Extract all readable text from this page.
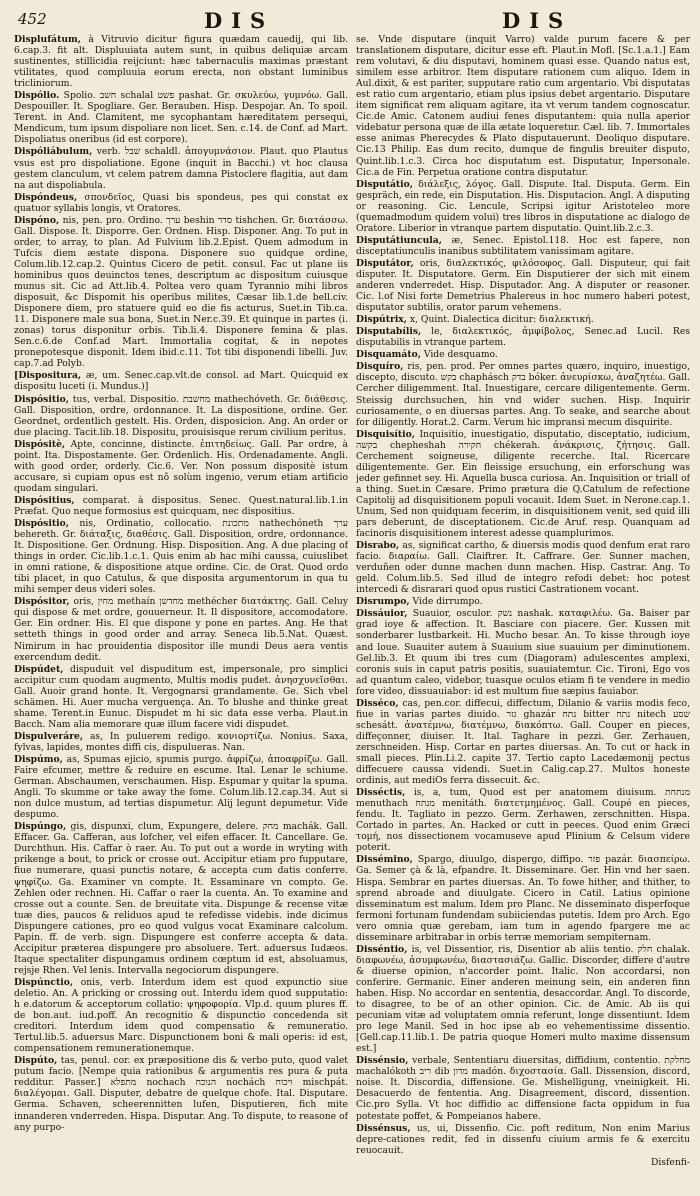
452	DIS	DIS

Displufátum, à Vitruvio dicitur figura quædam cauedij, qui lib. 6.cap.3. fit alt. Displuuiata autem sunt, in quibus deliquiæ arcam sustinentes, stillicidia reijciunt: hæc tabernaculis maximas præstant vtilitates, quod compluuia eorum erecta, non obstant luminibus tricliniorum.

Dispólio. Spolio. חשב schalal פשט pashat. Gr. σκυλεύω, γυμνόω. Gall. Despouiller. It. Spogliare. Ger. Berauben. Hisp. Despojar. An. To spoil. Terent. in And. Clamitent, me sycophantam hæreditatem persequi, Mendicum, tum ipsum dispoliare non licet. Sen. c.14. de Conf. ad Mart. Dispoliatus oneribus (id est corpore).

Dispóliábulum, verb. שבל schaldl. ἀπογυμνάσιον. Plaut. quo Plautus vsus est pro dispoliatione. Egone (inquit in Bacchi.) vt hoc clausa gestem clanculum, vt celem patrem damna Pistoclere flagitia, aut dam na aut dispoliabula.

Dispóndeus, σπονδεῖος, Quasi bis spondeus, pes qui constat ex quatuor syllabis longis, vt Oratores.

Dispóno, nis, pen. pro. Ordino. ערך beshin סדר tishchen. Gr. διατάσσω. Gall. Dispose. It. Disporre. Ger. Ordnen. Hisp. Disponer. Ang. To put in order, to array, to plan. Ad Fulvium lib.2.Epist. Quem admodum in Tufcis diem æstate dispona. Disponere suo quidque ordine, Colum.lib.12.cap.2. Quintus Cicero de petit. consul. Fac ut plane iis hominibus quos deuinctos tenes, descriptum ac dispositum cuiusque munus sit. Cic ad Att.lib.4. Poltea vero quam Tyrannio mihi libros disposuit, &c Dispomit his operibus milites, Cæsar lib.1.de bell.civ. Disponere diem, pro statuere quid eo die fis acturus, Suet.in Tib.ca. 11. Disponere male sua bona, Suet.in Ner.c.39. Et quinque in partes (i. zonas) torus disponitur orbis. Tib.li.4. Disponere femina & plas. Sen.c.6.de Conf.ad Mart. Immortalia cogitat, & in nepotes pronepotesque disponit. Idem ibid.c.11. Tot tibi disponendi libelli. Juv. cap.7.ad Polyb.

[Dispositura, æ, um. Senec.cap.vlt.de consol. ad Mart. Quicquid ex dispositu luceti (i. Mundus.)]

Dispósitio, tus, verbal. Dispositio. מחשבת mathechóveth. Gr. διάθεσις. Gall. Disposition, ordre, ordonnance. It. La dispositione, ordine. Ger. Geordnet, ordentlich gestelt. His. Orden, disposicion. Ang. An order or due placing. Tacit.lib.18. Dispositu, prouisisque rerum civilium peritus.

Dispósitè, Apte, concinne, distincte. ἐπιτηδείως. Gall. Par ordre, à point. Ita. Dispostamente. Ger. Ordenlich. His. Ordenadamente. Angli. with good order, orderly. Cic.6. Ver. Non possum dispositè istum accusare, si cupiam opus est nõ solùm ingenio, verum etiam artificio quodam singulari.

Dispósitius, comparat. à dispositus. Senec. Quest.natural.lib.1.in Præfat. Quo neque formosius est quicquam, nec dispositius.

Dispósitio, nis, Ordinatio, collocatio. מתכונת nathechóneth ערך behereth. Gr. διάταξις, διαθέσις. Gall. Disposition, ordre, ordonnance. It. Dispositione. Ger. Ordnung. Hisp. Disposition. Ang. A due placing of things in order. Cic.lib.1.c.1. Quis enim ab hac mihi caussa, cuiuslibet in omni ratione, & dispositione atque ordine. Cic. de Orat. Quod ordo tibi placet, in quo Catulus, & que disposita argumentorum in qua tu mihi semper deus videri soles.

Dispósitor, oris, מחין methaín מחדשן methécher διατάκτης. Gall. Celuy qui dispose & met ordre, gouuerneur. It. Il dispositore, accomodatore. Ger. Ein ordner. His. El que dispone y pone en partes. Ang. He that setteth things in good order and array. Seneca lib.5.Nat. Quæst. Nimirum in hac prouidentia dispositor ille mundi Deus aera ventis exercendum dedit.

Dispúdet, dispuduit vel dispuditum est, impersonale, pro simplici accipitur cum quodam augmento, Multis modis pudet. ἀνησχυνεῖσθαι. Gall. Auoir grand honte. It. Vergognarsi grandamente. Ge. Sich vbel schämen. Hi. Auer mucha verguença. An. To blushe and thinke great shame. Terent.in Eunuc. Dispudet m hi sic data esse verba. Plaut.in Bacch. Nam alia memorare quæ illum facere vidi dispudet.

Dispulveráre, as, In puluerem redigo. κονιορτίζω. Nonius. Saxa, fylvas, lapides, montes diffi cis, dispulueras. Nan.

Dispúmo, as, Spumas ejicio, spumis purgo. ἀφρίζω, ἀποαφρίζω. Gall. Faire efcumer, mettre & reduire en escume. Ital. Lenar le schiume. German. Abschaumen, verschaumen. Hisp. Espumar y quitar la spuma. Angli. To skumme or take away the fome. Colum.lib.12.cap.34. Aut si non dulce mustum, ad tertias dispumetur. Alij legunt depumetur. Vide despumo.

Dispúngo, gis, dispunxi, clum, Expungere, delere. מחק machák. Gall. Effacer. Ga. Cafferan, aus lofcher, vel eifen effacer. It. Cancellare. Ge. Durchthun. His. Caffar ò raer. Au. To put out a worde in wryting with prikenge a bout, to prick or crosse out. Accipitur etiam pro fupputare, fiue numerare, quasi punctis notare, & accepta cum datis conferre. ψηφίζω. Ga. Examiner vn compte. It. Essaminare vn compto. Ge. Zehlen oder rechnen. Hi. Caffar o raer la cuenta. An. To examine and crosse out a counte. Sen. de breuitate vita. Dispunge & recense vitæ tuæ dies, paucos & reliduos apud te refedisse videbis. inde dicimus Dispungere cationes, pro eo quod vulgus vocat Examinare calcolum. Papin. ff. de verb. sign. Dispungere est conferre accepta & data. Accipitur præterea dispungere pro absoluere. Tert. aduersus Iudæos. Itaque spectaliter dispungamus ordinem cœptum id est, absoluamus, rejsje Rhen. Vel lenis. Intervalla negociorum dispungere.

Dispúnctio, onis, verb. Interdum idem est quod expunctio siue deletio. An. A pricking or crossing out. Interdu idem quod supputatio: h e.datorum & acceptorum collatio: ψηφοφορία. Vlp.d. quum plures ff. de bon.aut. iud.poff. An recognitio & dispunctio concedenda sit creditori. Interdum idem quod compensatio & remuneratio. Tertul.lib.5. aduersus Marc. Dispunctionem boni & mali operis: id est, compensationem remunerationemque.

Dispúto, tas, penul. cor. ex præpositione dis & verbo puto, quod valet putum facio. [Nempe quia rationibus & argumentis res pura & puta redditur. Passer.] מתפלא nochach הנוכח nochách ויכוח mischpát. διαλέγομαι. Gall. Disputer, debatre de quelque chofe. Ital. Disputare. Germa. Schaven, scheerennitten lufen, Disputieren, fich mite innanderen vnderreden. Hispa. Disputar. Ang. To dispute, to reasone of any purpo-

se. Vnde disputare (inquit Varro) valde purum facere & per translationem disputare, dicitur esse eft. Plaut.in Mofl. [Sc.1.a.1.] Eam rem volutavi, & diu disputavi, hominem quasi esse. Quando natus est, similem esse arbitror. Item disputare rationem cum aliquo. Idem in Aul.dixit, & est pariter, supputare ratio cum argentario. Vbi disputatas est ratio cum argentario, etiam plus ipsius debet argentario. Disputare item significat rem aliquam agitare, ita vt verum tandem cognoscatur. Cic.de Amic. Catonem audiui fenes disputantem: quia nulla aperior videbatur persona quæ de illa ætate loqueretur. Cæl. lib. 7. Immortales esse animas Pherecydes & Plato disputauerunt. Deoliquo disputare. Cic.13 Philip. Eas dum recito, dumque de fingulis breuiter disputo, Quint.lib.1.c.3. Circa hoc disputatum est. Disputatur, Inpersonale. Cic.a de Fin. Perpetua oratione contra disputatur.

Disputátio, διάλεξις, λόγος. Gall. Dispute. Ital. Disputa. Germ. Ein gespräch, ein rede, ein Disputation. His. Disputacion. Angl. A disputing or reasoning. Cic. Lencule, Scripsi igitur Aristoteleo more (quemadmodum quidem volui) tres libros in disputatione ac dialogo de Oratore. Liberior in vtranque partem disputatio. Quint.lib.2.c.3.

Disputátiuncula, æ, Senec. Epistol.118. Hoc est fapere, non disceptatiunculis inanibus subtilitatem vanissimam agitare.

Disputátor, oris, διαλεκτικός, φιλόσοφος. Gall. Disputeur, qui fait disputer. It. Disputatore. Germ. Ein Disputierer der sich mit einem anderen vnderredet. Hisp. Disputador. Ang. A disputer or reasoner. Cic. l.of Nisi forte Demetrius Phalereus in hoc numero haberi potest, disputator subtilis, orator parum vehemens.

Dispútrix, x, Quint. Dialectica dicitur: διαλεκτική.

Disputabílis, le, διαλεκτικός, ἀμφίβολος, Senec.ad Lucil. Res disputabilis in vtranque partem.

Disquamáto, Vide desquamo.

Disquíro, ris, pen. prod. Per omnes partes quæro, inquiro, inuestigo, discepto, discuto. בקש chaphásch בדק bóker. ἀνευρίσκω, ἀναζητέω. Gall. Cercher diligemment. Ital. Inuestigare, cercare diligentemente. Germ. Steissig durchsuchen, hin vnd wider suchen. Hisp. Inquirir curiosamente, o en diuersas partes. Ang. To seake, and searche about for diligently. Horat.2. Carm. Verum hic impransi mecum disquirite.

Disquisítio, Inquisitio, inuestigatio, disputatio, disceptatio, iudicium, בקשה chepheshah חקירה chékerah. ἀνάκρισις, ζήτησις. Gall. Cerchement soigneuse, diligente recerche. Ital. Ricercare diligentemente. Ger. Ein fleissige ersuchung, ein erforschung was jeder gefinnet sey. Hi. Aquella busca curiosa. An. Inquisition or triall of a thing. Suet.in Cæsare. Primo prætura die Q.Catulum de refectione Capitolij ad disquisitionem populi vocauit. Idem Suet. in Nerone.cap.1. Unum, Sed non quidquam fecerim, in disquisitionem venit, sed quid illi pars deberunt, de disceptationem. Cic.de Aruf. resp. Quanquam ad facinoris disquisitionem interest adesse quamplurimos.

Disrabo, as, significat cartho, & diuersis modis quod denfum erat raro facio. διαραίω. Gall. Claiftrer. It. Caffrare. Ger. Sunner machen, verduñen oder dunne machen dunn machen. Hisp. Castrar. Ang. To geld. Colum.lib.5. Sed illud de integro refodi debet: hoc potest intercedi & disrarari quod opus rustici Castrationem vocant.

Disrumpo, Vide dirrumpo.

Dissáuior, Suauior, osculor. נשק nashak. καταφιλέω. Ga. Baiser par grad ioye & affection. It. Basciare con piacere. Ger. Kussen mit sonderbarer lustbarkeit. Hi. Mucho besar. An. To kisse through ioye and loue. Suauiter autem à Suauium siue suauium per diminutionem. Gel.lib.3. Et quum ibi tres cum (Diagoram) adulescentes amplexi, coronis suis in caput patris positis, suauiatemtur. Cic. Tironi, Ego vos ad quantum caleo, videbor, tuasque oculos etiam fi te vendere in medio fore video, dissuauiabor: id est multum fiue sæpius fauiabor.

Disséco, cas, pen.cor. diffecui, diffectum, Dilanio & variis modis feco, fiue in varias partes diuido. גזר ghazár נתח bitter נתח nitech שסע schesátt. ἀνατέμνω, διατέμνω, διακόπτω. Gall. Couper en pieces, diffeçonner, diuiser. It. Ital. Taghare in pezzi. Ger. Zerhauen, zerschneiden. Hisp. Cortar en partes diuersas. An. To cut or hack in small pieces. Plin.Li.2. capite 37. Tertio capto Lacedæmonij pectus diffecuere caussa videndi. Suet.in Calig.cap.27. Multos honeste ordinis, aut mediOs ferra dissecuit. &c.

Disséctis, is, a, tum, Quod est per anatomem diuisum. מנתחת menuthach מנתח menitáth. διατετμημένος. Gall. Coupé en pieces, fendu. It. Tagliato in pezzo. Germ. Zerhawen, zerschnitten. Hispa. Cortado in partes. An. Hacked or cutt in peeces. Quod enim Græci τομή, nos dissectionem vocamuseve apud Plinium & Celsum videre poterit.

Dissémino, Spargo, diuulgo, dispergo, diffipo. פזר pazár. διασπείρω. Ga. Semer çà & là, efpandre. It. Disseminare. Ger. Hin vnd her saen. Hispa. Sembrar en partes diuersas. An. To fowe hither, and thither, to sprend abroade and diuulgate. Cicero in Catil. Latius opinione disseminatum est malum. Idem pro Planc. Ne disseminato disperfoque fermoni fortunam fundendam subiiciendas putetis. Idem pro Arch. Ego vero omnia quæ gerebam, iam tum in agendo fpargere me ac disseminare arbitrabar in orbis terræ memoriam sempiternam.

Disséntio, is, vel Dissentior, ris, Disentior ab aliis tentio. חלק chalak. διαφωνέω, ἀσυμφωνέω, διαστασιάζω. Gallic. Discorder, differe d'autre & diuerse opinion, n'accorder point. Italic. Non accordarsi, non conferire. Germanic. Einer anderen meinung sein, ein anderen finn haben. Hisp. No accordar en sententia, desaccordar. Angl. To discorde, to disagree, to be of an other opinion. Cic. de Amic. Ab iis qui pecuniam vitæ ad voluptatem omnia referunt, longe dissentiunt. Idem pro lege Manil. Sed in hoc ipse ab eo vehementissime dissentio. [Gell.cap.11.lib.1. De patria quoque Homeri multo maxime dissensum est.]

Dissénsio, verbale, Sententiaru diuersitas, diffidium, contentio. מחלקת machalókoth ריב dib מדון madón. διχοστασία. Gall. Dissension, discord, noise. It. Discordia, diffensione. Ge. Mishelligung, vneinigkeit. Hi. Desacuerdo de fententia. Ang. Disagreement, discord, dissention. Cic.pro Sylla. Vt hoc diffidio ac diffensione facta oppidum in fua potestate poffet, & Pompeianos habere.

Dissénsus, us, ui, Dissenfio. Cic. poft reditum, Non enim Marius depre-cationes redit, fed in dissenfu ciuium armis fe & exercitu reuocauit.

Disfenfi-
